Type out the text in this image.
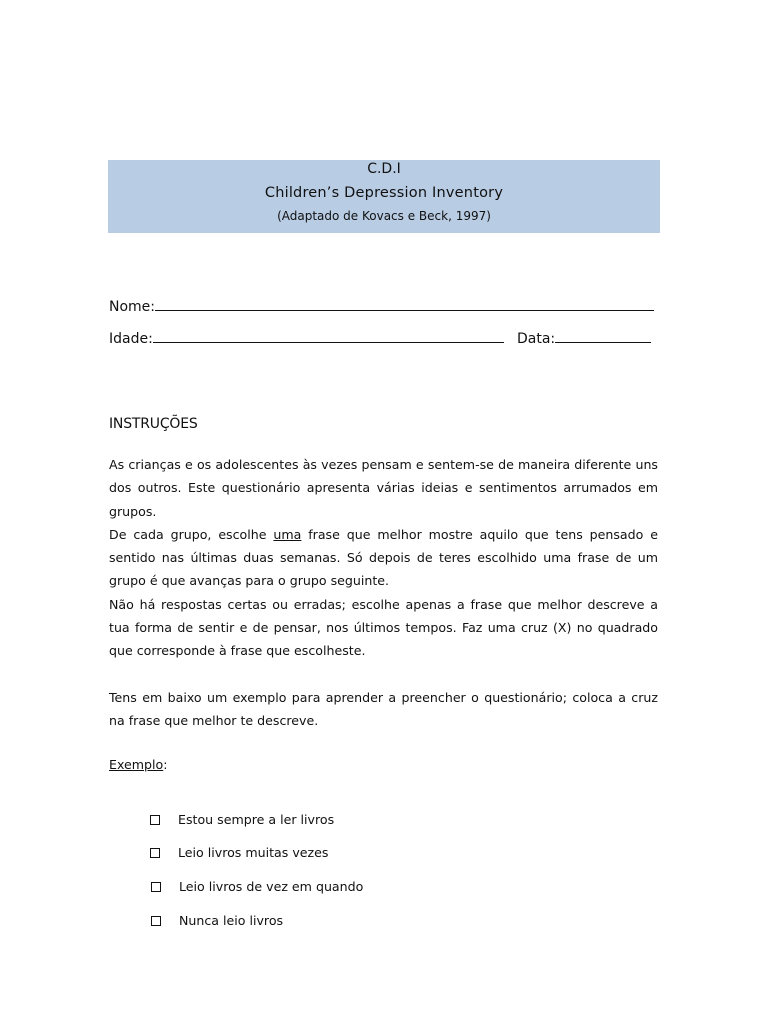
C.D.I
Children’s Depression Inventory
(Adaptado de Kovacs e Beck, 1997)
Nome:
Idade:	Data:
INSTRUÇÕES

As crianças e os adolescentes às vezes pensam e sentem-se de maneira diferente uns dos outros. Este questionário apresenta várias ideias e sentimentos arrumados em grupos.

De cada grupo, escolhe uma frase que melhor mostre aquilo que tens pensado e sentido nas últimas duas semanas. Só depois de teres escolhido uma frase de um grupo é que avanças para o grupo seguinte.

Não há respostas certas ou erradas; escolhe apenas a frase que melhor descreve a tua forma de sentir e de pensar, nos últimos tempos. Faz uma cruz (X) no quadrado que corresponde à frase que escolheste.

Tens em baixo um exemplo para aprender a preencher o questionário; coloca a cruz na frase que melhor te descreve.
Exemplo:
Estou sempre a ler livros
Leio livros muitas vezes
Leio livros de vez em quando
Nunca leio livros
